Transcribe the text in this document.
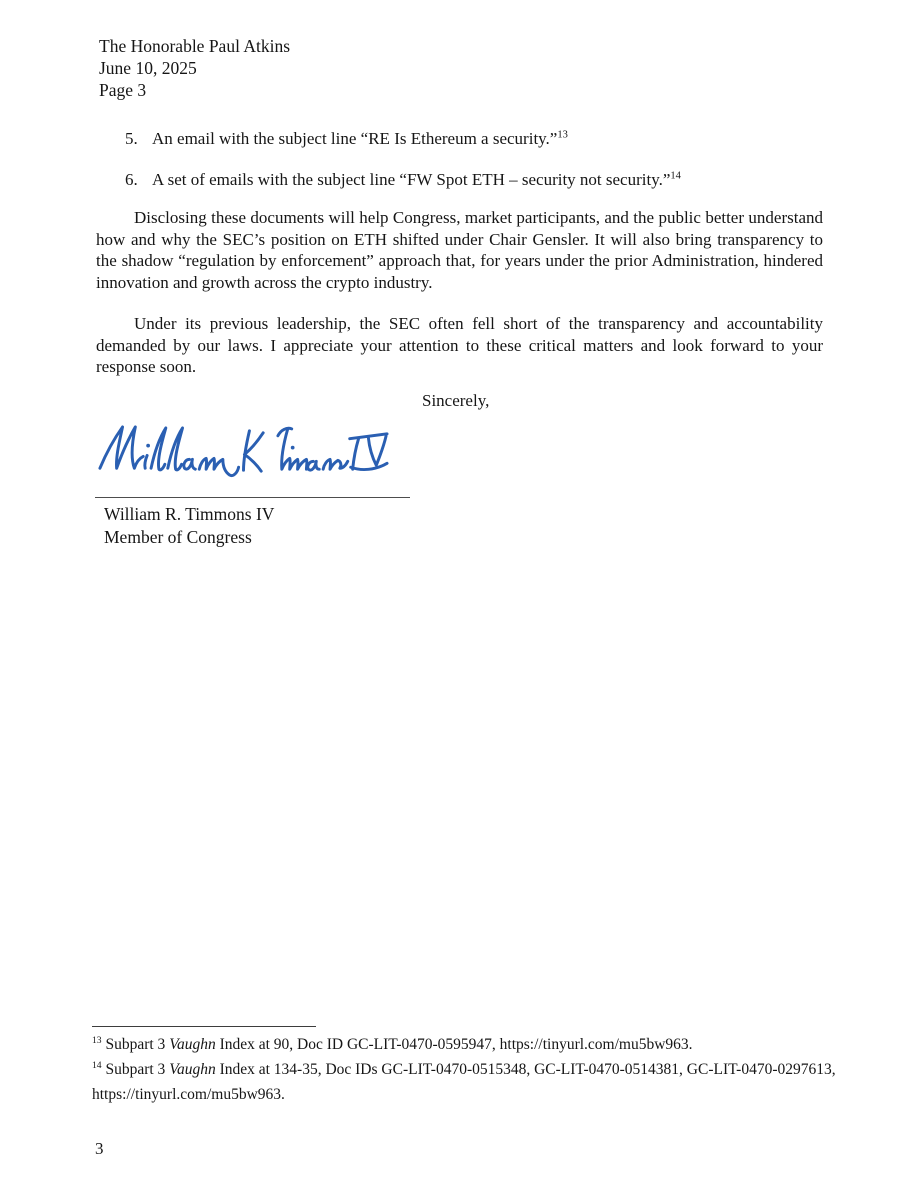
The Honorable Paul Atkins
June 10, 2025
Page 3
5. An email with the subject line “RE Is Ethereum a security.”$^{13}$
6. A set of emails with the subject line “FW Spot ETH – security not security.”$^{14}$
Disclosing these documents will help Congress, market participants, and the public better understand how and why the SEC’s position on ETH shifted under Chair Gensler. It will also bring transparency to the shadow “regulation by enforcement” approach that, for years under the prior Administration, hindered innovation and growth across the crypto industry.
Under its previous leadership, the SEC often fell short of the transparency and accountability demanded by our laws. I appreciate your attention to these critical matters and look forward to your response soon.
Sincerely,
William R. Timmons IV
Member of Congress

$^{13}$ Subpart 3 Vaughn Index at 90, Doc ID GC-LIT-0470-0595947, https://tinyurl.com/mu5bw963.

$^{14}$ Subpart 3 Vaughn Index at 134-35, Doc IDs GC-LIT-0470-0515348, GC-LIT-0470-0514381, GC-LIT-0470-0297613, https://tinyurl.com/mu5bw963.

3
